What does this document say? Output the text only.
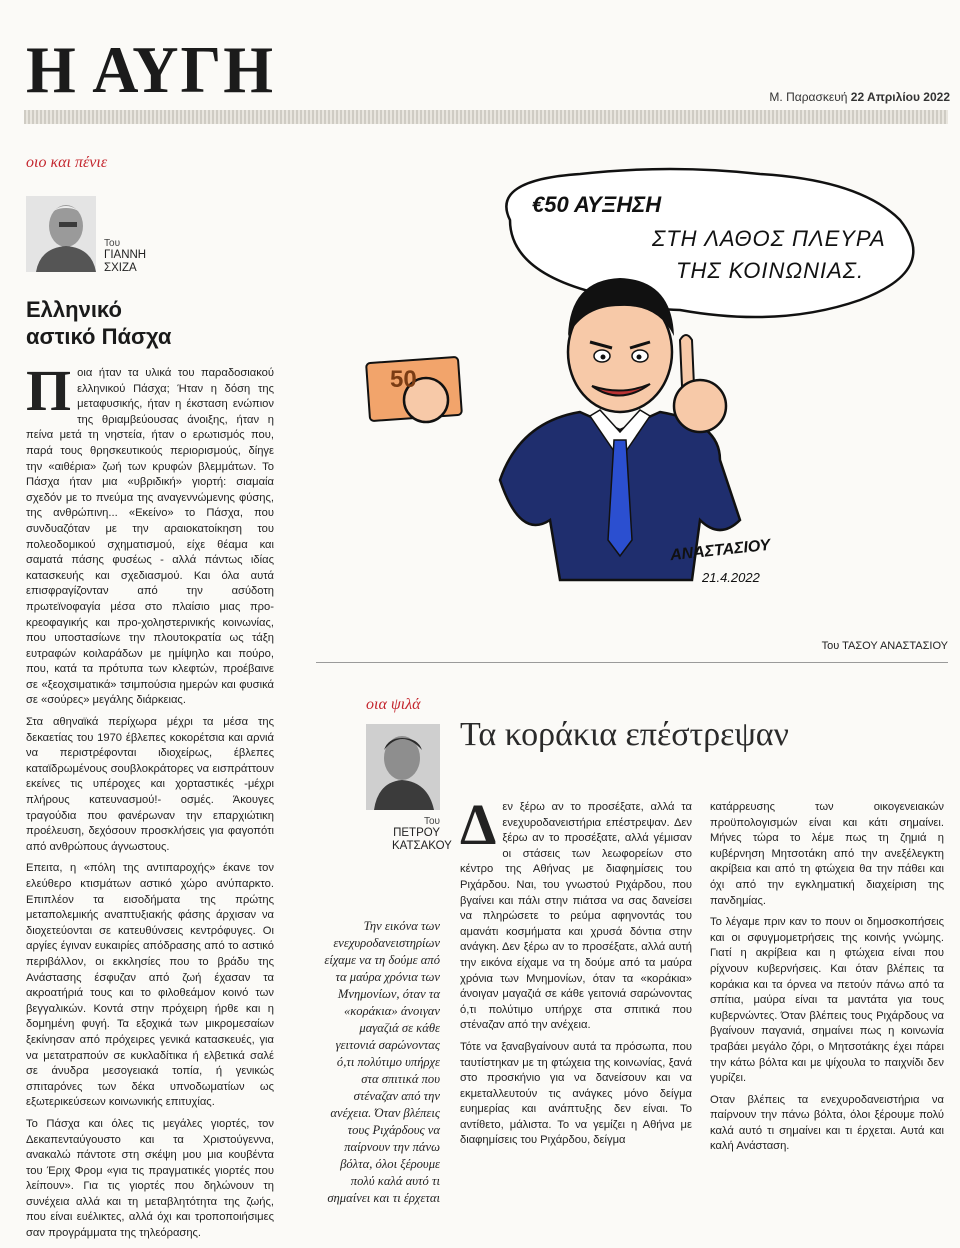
Η ΑΥΓΗ	Μ. Παρασκευή 22 Απριλίου 2022
οιο και πένιε
Του
ΓΙΑΝΝΗ
ΣΧΙΖΑ
Ελληνικό
αστικό Πάσχα

Ποια ήταν τα υλικά του παραδοσιακού ελληνικού Πάσχα; Ήταν η δόση της μεταφυσικής, ήταν η έκσταση ενώπιον της θριαμβεύουσας άνοιξης, ήταν η πείνα μετά τη νηστεία, ήταν ο ερωτισμός που, παρά τους θρησκευτικούς περιορισμούς, δίηγε την «αιθέρια» ζωή των κρυφών βλεμμάτων. Το Πάσχα ήταν μια «υβριδική» γιορτή: σιαμαία σχεδόν με το πνεύμα της αναγεννώμενης φύσης, της ανθρώπινη... «Εκείνο» το Πάσχα, που συνδυαζόταν με την αραιοκατοίκηση του πολεοδομικού σχηματισμού, είχε θέαμα και σαματά πάσης φυσέως - αλλά πάντως ιδίας κατασκευής και σχεδιασμού. Και όλα αυτά επισφραγίζονταν από την ασύδοτη πρωτεϊνοφαγία μέσα στο πλαίσιο μιας προ-κρεοφαγικής και προ-χοληστερινικής κοινωνίας, που υποστασίωνε την πλουτοκρατία ως τάξη ευτραφών κοιλαράδων με ημίψηλο και πούρο, που, κατά τα πρότυπα των κλεφτών, προέβαινε σε «ξεοχσιματικά» τσιμπούσια ημερών και φυσικά σε «σούρες» μεγάλης διάρκειας.

Στα αθηναϊκά περίχωρα μέχρι τα μέσα της δεκαετίας του 1970 έβλεπες κοκορέτσια και αρνιά να περιστρέφονται ιδιοχείρως, έβλεπες καταϊδρωμένους σουβλοκράτορες να εισπράττουν εκείνες τις υπέροχες και χορταστικές -μέχρι πλήρους κατευνασμού!- οσμές. Άκουγες τραγούδια που φανέρωναν την επαρχιώτικη προέλευση, δεχόσουν προσκλήσεις για φαγοπότι από ανθρώπους άγνωστους.

Επειτα, η «πόλη της αντιπαροχής» έκανε τον ελεύθερο κτισμάτων αστικό χώρο ανύπαρκτο. Επιπλέον τα εισοδήματα της πρώτης μεταπολεμικής αναπτυξιακής φάσης άρχισαν να διοχετεύονται σε κατευθύνσεις κεντρόφυγες. Οι αργίες έγιναν ευκαιρίες απόδρασης από το αστικό περιβάλλον, οι εκκλησίες που το βράδυ της Ανάστασης έσφυζαν από ζωή έχασαν τα ακροατήριά τους και το φιλοθεάμον κοινό των βεγγαλικών. Κοντά στην πρόχειρη ήρθε και η δομημένη φυγή. Τα εξοχικά των μικρομεσαίων ξεκίνησαν από πρόχειρες γενικά κατασκευές, για να μετατραπούν σε κυκλαδίτικα ή ελβετικά σαλέ σε άνυδρα μεσογειακά τοπία, ή γενικώς σπιταρόνες των δέκα υπνοδωματίων ως εξωτερικεύσεων κοινωνικής επιτυχίας.

Το Πάσχα και όλες τις μεγάλες γιορτές, τον Δεκαπενταύγουστο και τα Χριστούγεννα, ανακαλώ πάντοτε στη σκέψη μου μια κουβέντα του Έριχ Φρομ «για τις πραγματικές γιορτές που λείπουν». Για τις γιορτές που δηλώνουν τη συνέχεια αλλά και τη μεταβλητότητα της ζωής, που είναι ευέλικτες, αλλά όχι και τροποποιήσιμες σαν προγράμματα της τηλεόρασης.

€50 ΑΥΞΗΣΗ
ΣΤΗ ΛΑΘΟΣ ΠΛΕΥΡΑ
ΤΗΣ ΚΟΙΝΩΝΙΑΣ.
50
ΑΝΑΣΤΑΣΙΟΥ
21.4.2022
Του ΤΑΣΟΥ ΑΝΑΣΤΑΣΙΟΥ
οια ψιλά
Τα κοράκια επέστρεψαν
Του
ΠΕΤΡΟΥ
ΚΑΤΣΑΚΟΥ
Την εικόνα των ενεχυροδανειστηρίων είχαμε να τη δούμε από τα μαύρα χρόνια των Μνημονίων, όταν τα «κοράκια» άνοιγαν μαγαζιά σε κάθε γειτονιά σαρώνοντας ό,τι πολύτιμο υπήρχε στα σπιτικά που στέναζαν από την ανέχεια. Όταν βλέπεις τους Ριχάρδους να παίρνουν την πάνω βόλτα, όλοι ξέρουμε πολύ καλά αυτό τι σημαίνει και τι έρχεται

Δεν ξέρω αν το προσέξατε, αλλά τα ενεχυροδανειστήρια επέστρεψαν. Δεν ξέρω αν το προσέξατε, αλλά γέμισαν οι στάσεις των λεωφορείων στο κέντρο της Αθήνας με διαφημίσεις του Ριχάρδου. Ναι, του γνωστού Ριχάρδου, που βγαίνει και πάλι στην πιάτσα να σας δανείσει να πληρώσετε το ρεύμα αφηνοντάς του αμανάτι κοσμήματα και χρυσά δόντια στην ανάγκη. Δεν ξέρω αν το προσέξατε, αλλά αυτή την εικόνα είχαμε να τη δούμε από τα μαύρα χρόνια των Μνημονίων, όταν τα «κοράκια» άνοιγαν μαγαζιά σε κάθε γειτονιά σαρώνοντας ό,τι πολύτιμο υπήρχε στα σπιτικά που στέναζαν από την ανέχεια.

Τότε να ξαναβγαίνουν αυτά τα πρόσωπα, που ταυτίστηκαν με τη φτώχεια της κοινωνίας, ξανά στο προσκήνιο για να δανείσουν και να εκμεταλλευτούν τις ανάγκες μόνο δείγμα ευημερίας και ανάπτυξης δεν είναι. Το αντίθετο, μάλιστα. Το να γεμίζει η Αθήνα με διαφημίσεις του Ριχάρδου, δείγμα

κατάρρευσης των οικογενειακών προϋπολογισμών είναι και κάτι σημαίνει. Μήνες τώρα το λέμε πως τη ζημιά η κυβέρνηση Μητσοτάκη από την ανεξέλεγκτη ακρίβεια και από τη φτώχεια θα την πάθει και όχι από την εγκληματική διαχείριση της πανδημίας.

Το λέγαμε πριν καν το πουν οι δημοσκοπήσεις και οι σφυγμομετρήσεις της κοινής γνώμης. Γιατί η ακρίβεια και η φτώχεια είναι που ρίχνουν κυβερνήσεις. Και όταν βλέπεις τα κοράκια και τα όρνεα να πετούν πάνω από τα σπίτια, μαύρα είναι τα μαντάτα για τους κυβερνώντες. Όταν βλέπεις τους Ριχάρδους να βγαίνουν παγανιά, σημαίνει πως η κοινωνία τραβάει μεγάλο ζόρι, ο Μητσοτάκης έχει πάρει την κάτω βόλτα και με ψίχουλα το παιχνίδι δεν γυρίζει.

Οταν βλέπεις τα ενεχυροδανειστήρια να παίρνουν την πάνω βόλτα, όλοι ξέρουμε πολύ καλά αυτό τι σημαίνει και τι έρχεται. Αυτά και καλή Ανάσταση.
